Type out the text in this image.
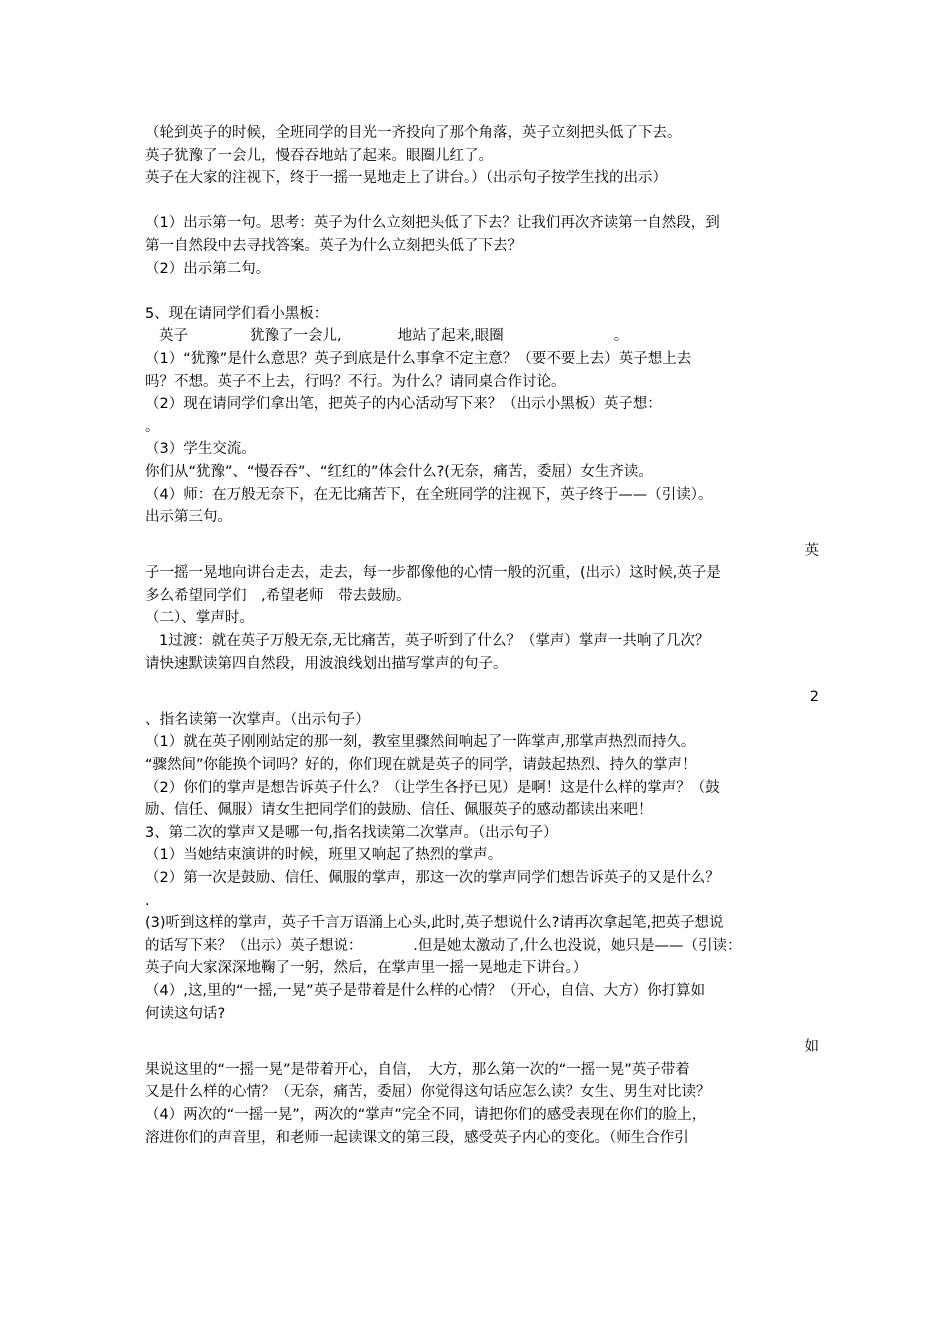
（轮到英子的时候，全班同学的目光一齐投向了那个角落，英子立刻把头低了下去。
英子犹豫了一会儿，慢吞吞地站了起来。眼圈儿红了。
英子在大家的注视下，终于一摇一晃地走上了讲台。）（出示句子按学生找的出示）
（1）出示第一句。思考：英子为什么立刻把头低了下去？让我们再次齐读第一自然段，到
第一自然段中去寻找答案。英子为什么立刻把头低了下去？
（2）出示第二句。
5、现在请同学们看小黑板：
英子	犹豫了一会儿,	地站了起来,眼圈	。
（1）“犹豫”是什么意思？英子到底是什么事拿不定主意？（要不要上去）英子想上去
吗？不想。英子不上去，行吗？不行。为什么？请同桌合作讨论。
（2）现在请同学们拿出笔，把英子的内心活动写下来？（出示小黑板）英子想：
。
（3）学生交流。
你们从“犹豫”、“慢吞吞”、“红红的”体会什么?(无奈，痛苦，委屈）女生齐读。
（4）师：在万般无奈下，在无比痛苦下，在全班同学的注视下，英子终于——（引读）。
出示第三句。
英
子一摇一晃地向讲台走去，走去，每一步都像他的心情一般的沉重，(出示）这时候,英子是
多么希望同学们　,希望老师　带去鼓励。
（二）、掌声时。
1过渡：就在英子万般无奈,无比痛苦，英子听到了什么？（掌声）掌声一共响了几次？
请快速默读第四自然段，用波浪线划出描写掌声的句子。
2
、指名读第一次掌声。（出示句子）
（1）就在英子刚刚站定的那一刻，教室里骤然间响起了一阵掌声,那掌声热烈而持久。
“骤然间”你能换个词吗？好的，你们现在就是英子的同学，请鼓起热烈、持久的掌声！
（2）你们的掌声是想告诉英子什么？（让学生各抒已见）是啊！这是什么样的掌声？（鼓
励、信任、佩服）请女生把同学们的鼓励、信任、佩服英子的感动都读出来吧！
3、第二次的掌声又是哪一句,指名找读第二次掌声。（出示句子）
（1）当她结束演讲的时候，班里又响起了热烈的掌声。
（2）第一次是鼓励、信任、佩服的掌声，那这一次的掌声同学们想告诉英子的又是什么？
.
(3)听到这样的掌声，英子千言万语涌上心头,此时,英子想说什么?请再次拿起笔,把英子想说
的话写下来？（出示）英子想说：　　　　.但是她太激动了,什么也没说，她只是——（引读：
英子向大家深深地鞠了一躬，然后，在掌声里一摇一晃地走下讲台。）
（4）,这,里的“一摇,一晃”英子是带着是什么样的心情？（开心，自信、大方）你打算如
何读这句话?
如
果说这里的“一摇一晃”是带着开心，自信，　大方，那么第一次的“一摇一晃”英子带着
又是什么样的心情？（无奈，痛苦，委屈）你觉得这句话应怎么读？女生、男生对比读？
（4）两次的“一摇一晃”，两次的“掌声”完全不同，请把你们的感受表现在你们的脸上，
溶进你们的声音里，和老师一起读课文的第三段，感受英子内心的变化。（师生合作引
